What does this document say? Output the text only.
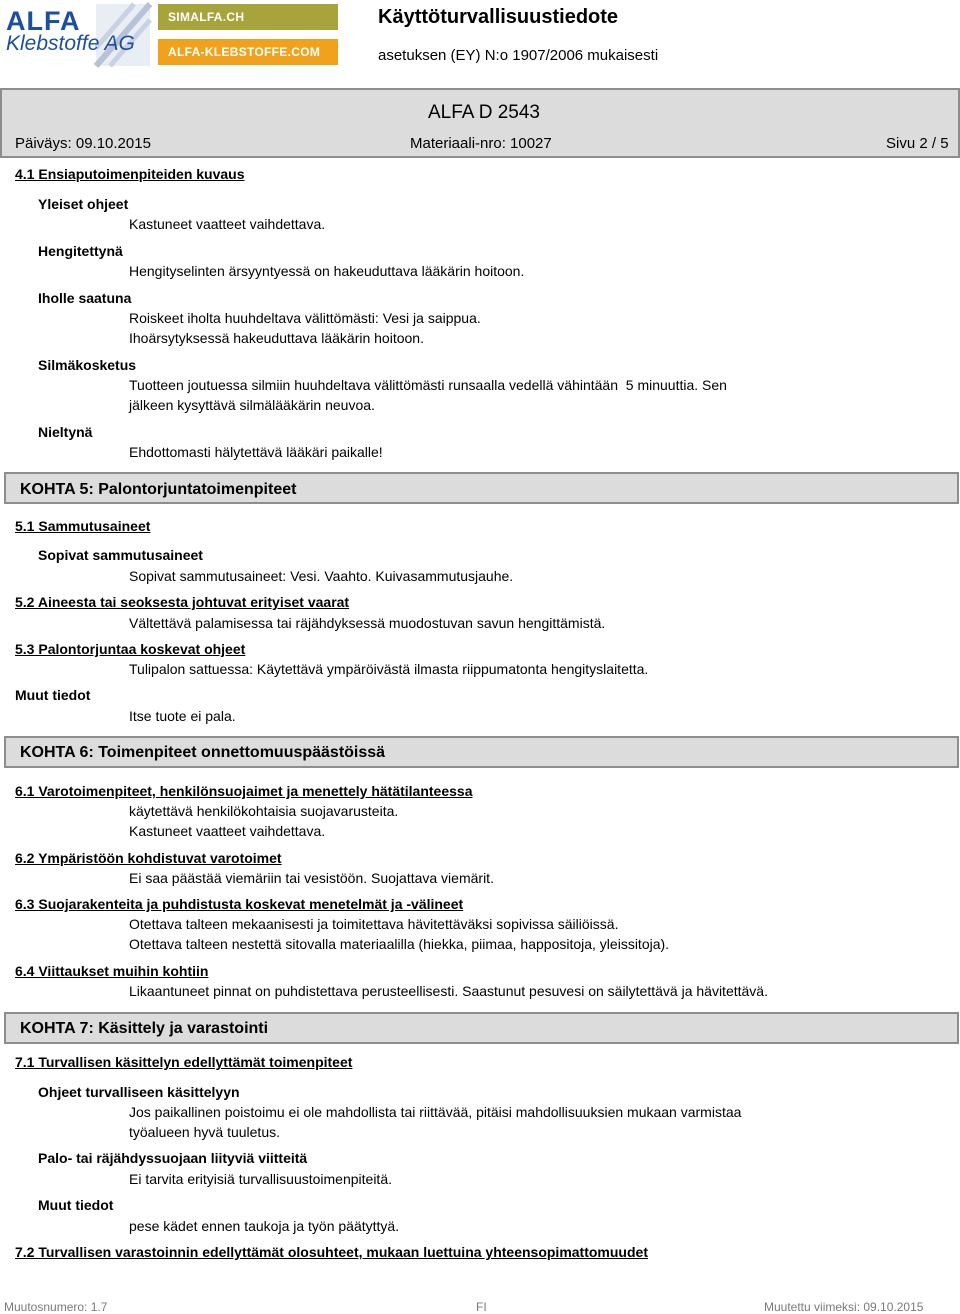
ALFA
Klebstoffe AG
SIMALFA.CH
ALFA-KLEBSTOFFE.COM
Käyttöturvallisuustiedote
asetuksen (EY) N:o 1907/2006 mukaisesti
ALFA D 2543
Päiväys: 09.10.2015	Materiaali-nro: 10027	Sivu 2 / 5
4.1 Ensiaputoimenpiteiden kuvaus
Yleiset ohjeet
Kastuneet vaatteet vaihdettava.
Hengitettynä
Hengityselinten ärsyyntyessä on hakeuduttava lääkärin hoitoon.
Iholle saatuna
Roiskeet iholta huuhdeltava välittömästi: Vesi ja saippua.
Ihoärsytyksessä hakeuduttava lääkärin hoitoon.
Silmäkosketus
Tuotteen joutuessa silmiin huuhdeltava välittömästi runsaalla vedellä vähintään  5 minuuttia. Sen
jälkeen kysyttävä silmälääkärin neuvoa.
Nieltynä
Ehdottomasti hälytettävä lääkäri paikalle!
KOHTA 5: Palontorjuntatoimenpiteet
5.1 Sammutusaineet
Sopivat sammutusaineet
Sopivat sammutusaineet: Vesi. Vaahto. Kuivasammutusjauhe.
5.2 Aineesta tai seoksesta johtuvat erityiset vaarat
Vältettävä palamisessa tai räjähdyksessä muodostuvan savun hengittämistä.
5.3 Palontorjuntaa koskevat ohjeet
Tulipalon sattuessa: Käytettävä ympäröivästä ilmasta riippumatonta hengityslaitetta.
Muut tiedot
Itse tuote ei pala.
KOHTA 6: Toimenpiteet onnettomuuspäästöissä
6.1 Varotoimenpiteet, henkilönsuojaimet ja menettely hätätilanteessa
käytettävä henkilökohtaisia suojavarusteita.
Kastuneet vaatteet vaihdettava.
6.2 Ympäristöön kohdistuvat varotoimet
Ei saa päästää viemäriin tai vesistöön. Suojattava viemärit.
6.3 Suojarakenteita ja puhdistusta koskevat menetelmät ja -välineet
Otettava talteen mekaanisesti ja toimitettava hävitettäväksi sopivissa säiliöissä.
Otettava talteen nestettä sitovalla materiaalilla (hiekka, piimaa, happositoja, yleissitoja).
6.4 Viittaukset muihin kohtiin
Likaantuneet pinnat on puhdistettava perusteellisesti. Saastunut pesuvesi on säilytettävä ja hävitettävä.
KOHTA 7: Käsittely ja varastointi
7.1 Turvallisen käsittelyn edellyttämät toimenpiteet
Ohjeet turvalliseen käsittelyyn
Jos paikallinen poistoimu ei ole mahdollista tai riittävää, pitäisi mahdollisuuksien mukaan varmistaa
työalueen hyvä tuuletus.
Palo- tai räjähdyssuojaan liityviä viitteitä
Ei tarvita erityisiä turvallisuustoimenpiteitä.
Muut tiedot
pese kädet ennen taukoja ja työn päätyttyä.
7.2 Turvallisen varastoinnin edellyttämät olosuhteet, mukaan luettuina yhteensopimattomuudet
Muutosnumero: 1.7	FI	Muutettu viimeksi: 09.10.2015
